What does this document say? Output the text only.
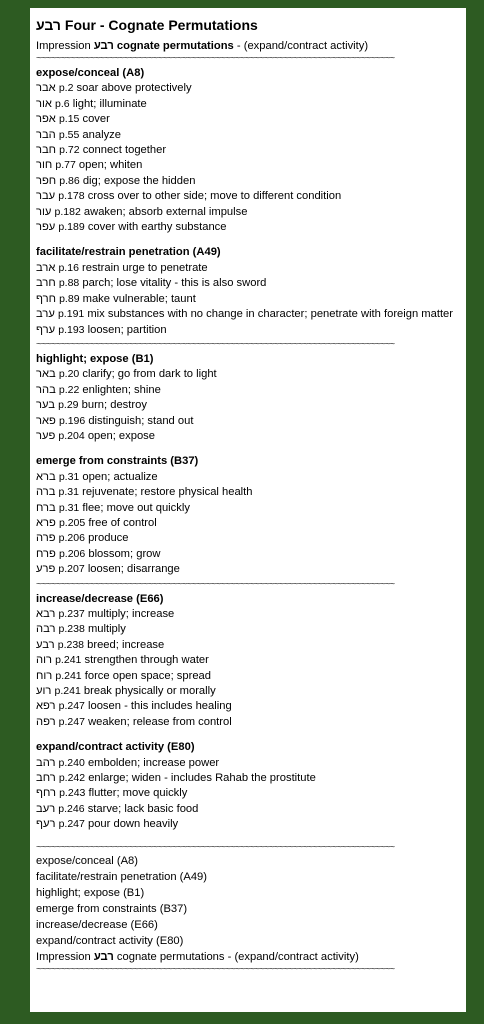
רבע Four - Cognate Permutations
Impression רבע cognate permutations - (expand/contract activity)
~~~~~~~~~~~~~~~~~~~~~~~~~~~~~~~~~~~~~~~~~~~~~~~~~~~~~~~~~~~~~~~~~~~~~~~~~~
expose/conceal (A8)
אבר p.2 soar above protectively
אור p.6 light; illuminate
אפר p.15 cover
הבר p.55 analyze
חבר p.72 connect together
חור p.77 open; whiten
חפר p.86 dig; expose the hidden
עבר p.178 cross over to other side; move to different condition
עור p.182 awaken; absorb external impulse
עפר p.189 cover with earthy substance
facilitate/restrain penetration (A49)
ארב p.16 restrain urge to penetrate
חרב p.88 parch; lose vitality - this is also sword
חרף p.89 make vulnerable; taunt
ערב p.191 mix substances with no change in character; penetrate with foreign matter
ערף p.193 loosen; partition
~~~~~~~~~~~~~~~~~~~~~~~~~~~~~~~~~~~~~~~~~~~~~~~~~~~~~~~~~~~~~~~~~~~~~~~~~~
highlight; expose (B1)
באר p.20 clarify; go from dark to light
בהר p.22 enlighten; shine
בער p.29 burn; destroy
פאר p.196 distinguish; stand out
פער p.204 open; expose
emerge from constraints (B37)
ברא p.31 open; actualize
ברה p.31 rejuvenate; restore physical health
ברח p.31 flee; move out quickly
פרא p.205 free of control
פרה p.206 produce
פרח p.206 blossom; grow
פרע p.207 loosen; disarrange
~~~~~~~~~~~~~~~~~~~~~~~~~~~~~~~~~~~~~~~~~~~~~~~~~~~~~~~~~~~~~~~~~~~~~~~~~~
increase/decrease (E66)
רבא p.237 multiply; increase
רבה p.238 multiply
רבע p.238 breed; increase
רוה p.241 strengthen through water
רוח p.241 force open space; spread
רוע p.241 break physically or morally
רפא p.247 loosen - this includes healing
רפה p.247 weaken; release from control
expand/contract activity (E80)
רהב p.240 embolden; increase power
רחב p.242 enlarge; widen - includes Rahab the prostitute
רחף p.243 flutter; move quickly
רעב p.246 starve; lack basic food
רעף p.247 pour down heavily
~~~~~~~~~~~~~~~~~~~~~~~~~~~~~~~~~~~~~~~~~~~~~~~~~~~~~~~~~~~~~~~~~~~~~~~~~~
expose/conceal (A8)
facilitate/restrain penetration (A49)
highlight; expose (B1)
emerge from constraints (B37)
increase/decrease (E66)
expand/contract activity (E80)
Impression רבע cognate permutations - (expand/contract activity)
~~~~~~~~~~~~~~~~~~~~~~~~~~~~~~~~~~~~~~~~~~~~~~~~~~~~~~~~~~~~~~~~~~~~~~~~~~
